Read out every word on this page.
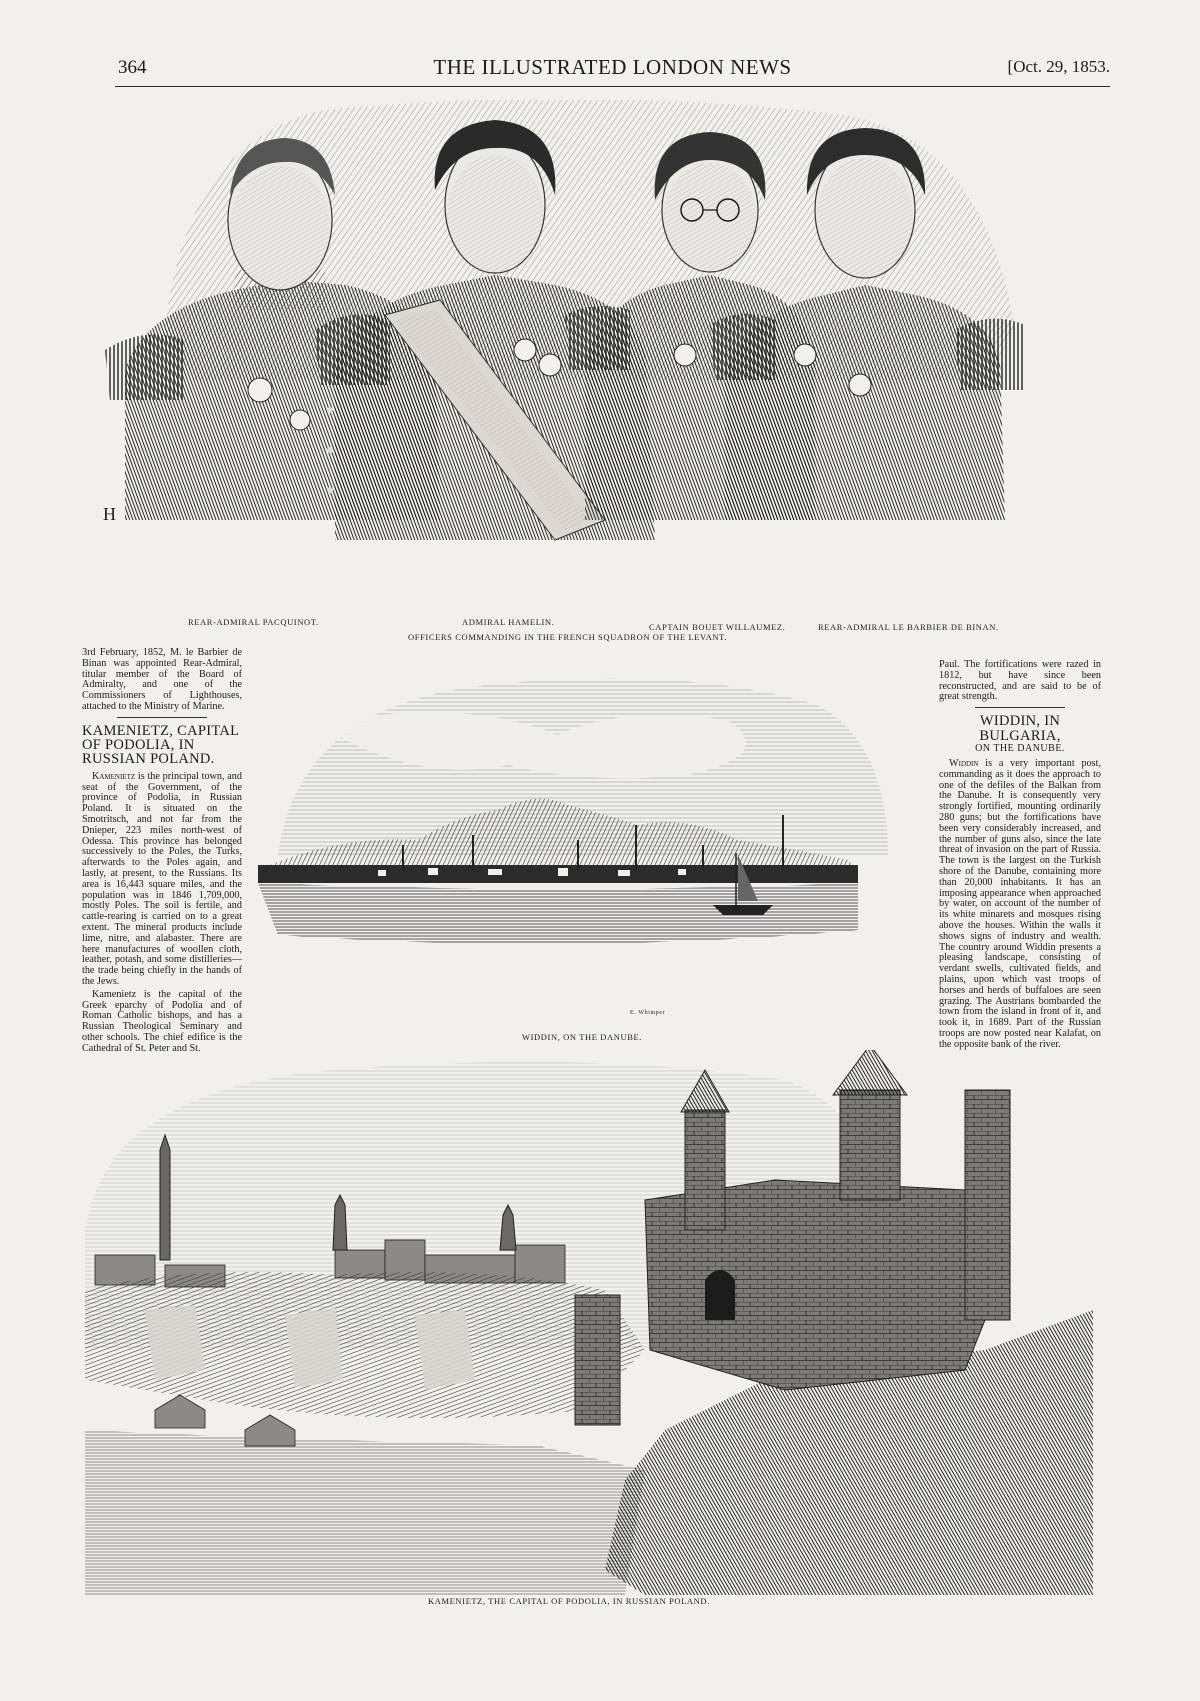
364	THE ILLUSTRATED LONDON NEWS	[Oct. 29, 1853.
H
REAR-ADMIRAL PACQUINOT.	ADMIRAL HAMELIN.	CAPTAIN BOUET WILLAUMEZ.	REAR-ADMIRAL LE BARBIER DE BINAN.
OFFICERS COMMANDING IN THE FRENCH SQUADRON OF THE LEVANT.

3rd February, 1852, M. le Barbier de Binan was appointed Rear-Admiral, titular member of the Board of Admiralty, and one of the Commissioners of Lighthouses, attached to the Ministry of Marine.

KAMENIETZ, CAPITAL OF PODOLIA, IN RUSSIAN POLAND.

Kamenietz is the principal town, and seat of the Government, of the province of Podolia, in Russian Poland. It is situated on the Smotritsch, and not far from the Dnieper, 223 miles north-west of Odessa. This province has belonged successively to the Poles, the Turks, afterwards to the Poles again, and lastly, at present, to the Russians. Its area is 16,443 square miles, and the population was in 1846 1,709,000, mostly Poles. The soil is fertile, and cattle-rearing is carried on to a great extent. The mineral products include lime, nitre, and alabaster. There are here manufactures of woollen cloth, leather, potash, and some distilleries—the trade being chiefly in the hands of the Jews.

Kamenietz is the capital of the Greek eparchy of Podolia and of Roman Catholic bishops, and has a Russian Theological Seminary and other schools. The chief edifice is the Cathedral of St. Peter and St.

WIDDIN, ON THE DANUBE.
E. Whimper

Paul. The fortifications were razed in 1812, but have since been reconstructed, and are said to be of great strength.

WIDDIN, IN BULGARIA,
ON THE DANUBE.

Widdin is a very important post, commanding as it does the approach to one of the defiles of the Balkan from the Danube. It is consequently very strongly fortified, mounting ordinarily 280 guns; but the fortifications have been very considerably increased, and the number of guns also, since the late threat of invasion on the part of Russia. The town is the largest on the Turkish shore of the Danube, containing more than 20,000 inhabitants. It has an imposing appearance when approached by water, on account of the number of its white minarets and mosques rising above the houses. Within the walls it shows signs of industry and wealth. The country around Widdin presents a pleasing landscape, consisting of verdant swells, cultivated fields, and plains, upon which vast troops of horses and herds of buffaloes are seen grazing. The Austrians bombarded the town from the island in front of it, and took it, in 1689. Part of the Russian troops are now posted near Kalafat, on the opposite bank of the river.

KAMENIETZ, THE CAPITAL OF PODOLIA, IN RUSSIAN POLAND.
